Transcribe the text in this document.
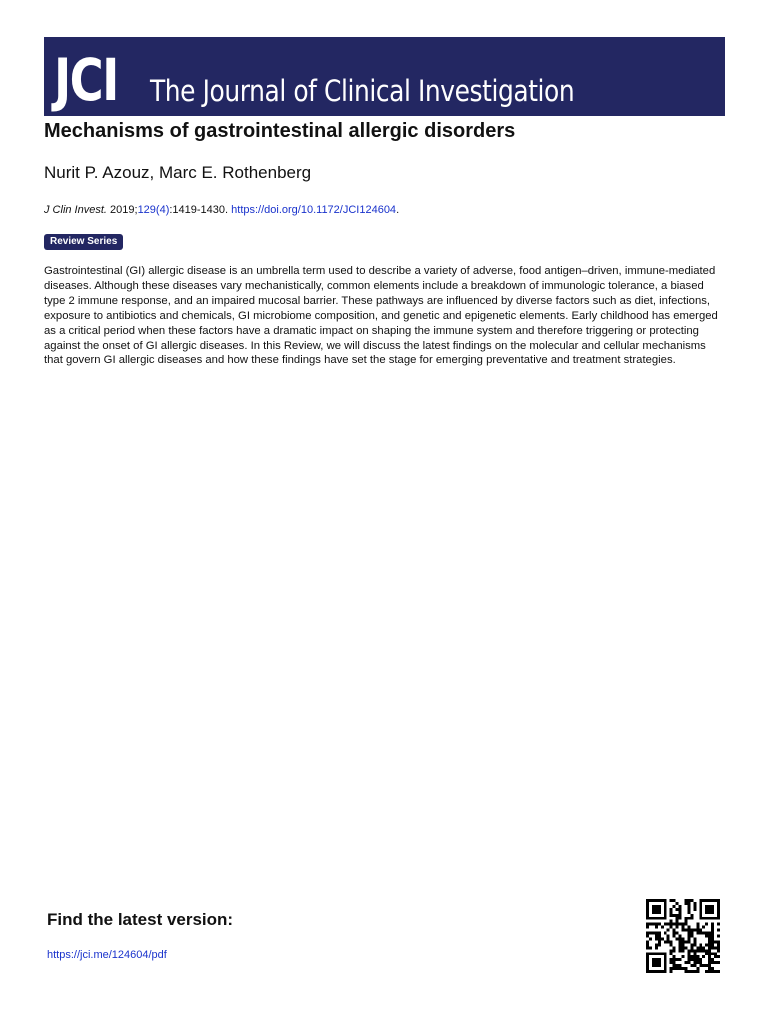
JCI The Journal of Clinical Investigation
Mechanisms of gastrointestinal allergic disorders

Nurit P. Azouz, Marc E. Rothenberg

J Clin Invest. 2019;129(4):1419-1430. https://doi.org/10.1172/JCI124604.

Review Series

Gastrointestinal (GI) allergic disease is an umbrella term used to describe a variety of adverse, food antigen–driven, immune-mediated diseases. Although these diseases vary mechanistically, common elements include a breakdown of immunologic tolerance, a biased type 2 immune response, and an impaired mucosal barrier. These pathways are influenced by diverse factors such as diet, infections, exposure to antibiotics and chemicals, GI microbiome composition, and genetic and epigenetic elements. Early childhood has emerged as a critical period when these factors have a dramatic impact on shaping the immune system and therefore triggering or protecting against the onset of GI allergic diseases. In this Review, we will discuss the latest findings on the molecular and cellular mechanisms that govern GI allergic diseases and how these findings have set the stage for emerging preventative and treatment strategies.

Find the latest version:

https://jci.me/124604/pdf
